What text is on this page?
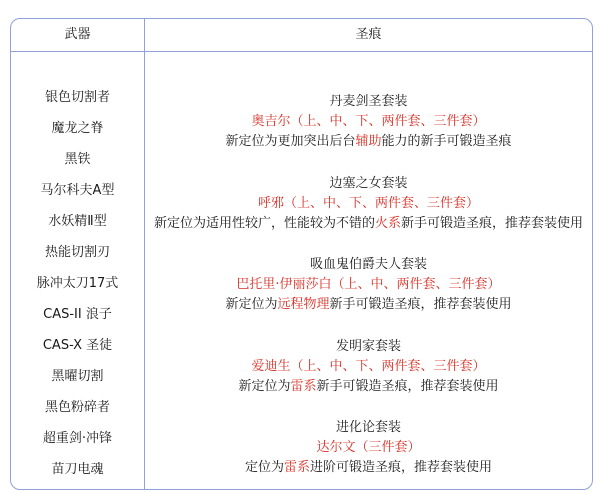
武器	圣痕
银色切割者
魔龙之脊
黑铁
马尔科夫A型
水妖精Ⅱ型
热能切割刃
脉冲太刀17式
CAS-II 浪子
CAS-X 圣徒
黑曜切割
黑色粉碎者
超重剑·冲锋
苗刀电魂
丹麦剑圣套装
奥吉尔（上、中、下、两件套、三件套）
新定位为更加突出后台辅助能力的新手可锻造圣痕
边塞之女套装
呼邪（上、中、下、两件套、三件套）
新定位为适用性较广，性能较为不错的火系新手可锻造圣痕，推荐套装使用
吸血鬼伯爵夫人套装
巴托里·伊丽莎白（上、中、两件套、三件套）
新定位为远程物理新手可锻造圣痕，推荐套装使用
发明家套装
爱迪生（上、中、下、两件套、三件套）
新定位为雷系新手可锻造圣痕，推荐套装使用
进化论套装
达尔文（三件套）
定位为雷系进阶可锻造圣痕，推荐套装使用
